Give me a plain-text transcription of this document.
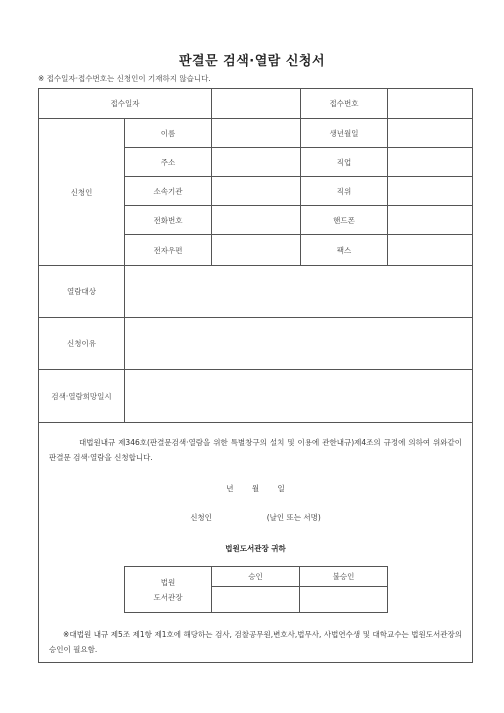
판결문 검색·열람 신청서
※ 접수일자·접수번호는 신청인이 기재하지 않습니다.
접수일자		접수번호	
신청인	이름		생년월일	
주소		직업	
소속기관		직위	
전화번호		핸드폰	
전자우편		팩스	
열람대상	
신청이유	
검색·열람희망일시	

대법원내규 제346호(판결문검색·열람을 위한 특별창구의 설치 및 이용에 관한내규)제4조의 규정에 의하여 위와같이 판결문 검색·열람을 신청합니다.
년 월 일
신청인	(날인 또는 서명)
법원도서관장 귀하
법원
도서관장
	승인	불승인

※대법원 내규 제5조 제1항 제1호에 해당하는 검사, 검찰공무원,변호사,법무사, 사법연수생 및 대학교수는 법원도서관장의 승인이 필요함.
